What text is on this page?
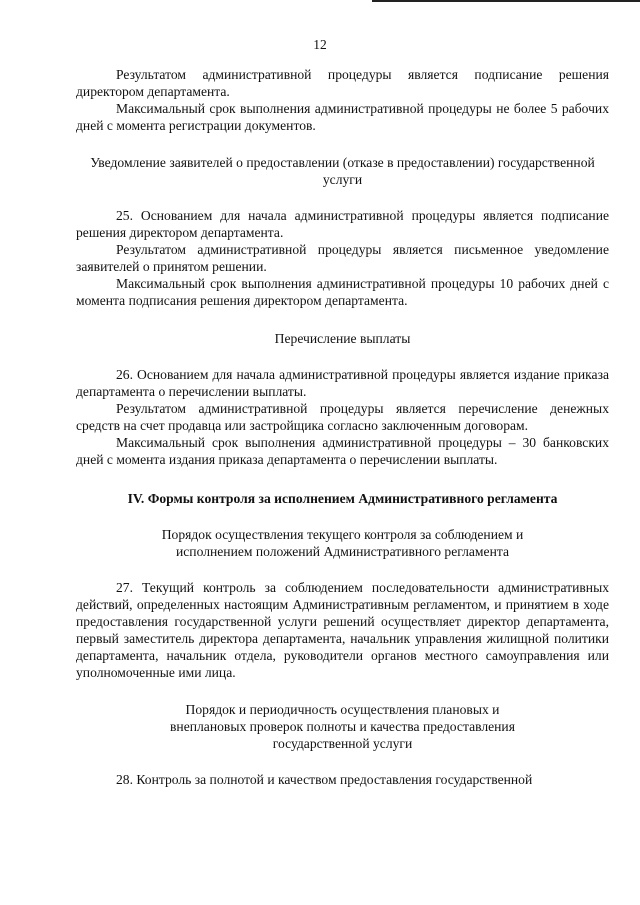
12

Результатом административной процедуры является подписание решения директором департамента.

Максимальный срок выполнения административной процедуры не более 5 рабочих дней с момента регистрации документов.

Уведомление заявителей о предоставлении (отказе в предоставлении) государственной услуги

25. Основанием для начала административной процедуры является подписание решения директором департамента.

Результатом административной процедуры является письменное уведомление заявителей о принятом решении.

Максимальный срок выполнения административной процедуры 10 рабочих дней с момента подписания решения директором департамента.

Перечисление выплаты

26. Основанием для начала административной процедуры является издание приказа департамента о перечислении выплаты.

Результатом административной процедуры является перечисление денежных средств на счет продавца или застройщика согласно заключенным договорам.

Максимальный срок выполнения административной процедуры – 30 банковских дней с момента издания приказа департамента о перечислении выплаты.

IV. Формы контроля за исполнением Административного регламента

Порядок осуществления текущего контроля за соблюдением и исполнением положений Административного регламента

27. Текущий контроль за соблюдением последовательности административных действий, определенных настоящим Административным регламентом, и принятием в ходе предоставления государственной услуги решений осуществляет директор департамента, первый заместитель директора департамента, начальник управления жилищной политики департамента, начальник отдела, руководители органов местного самоуправления или уполномоченные ими лица.

Порядок и периодичность осуществления плановых и внеплановых проверок полноты и качества предоставления государственной услуги

28. Контроль за полнотой и качеством предоставления государственной
